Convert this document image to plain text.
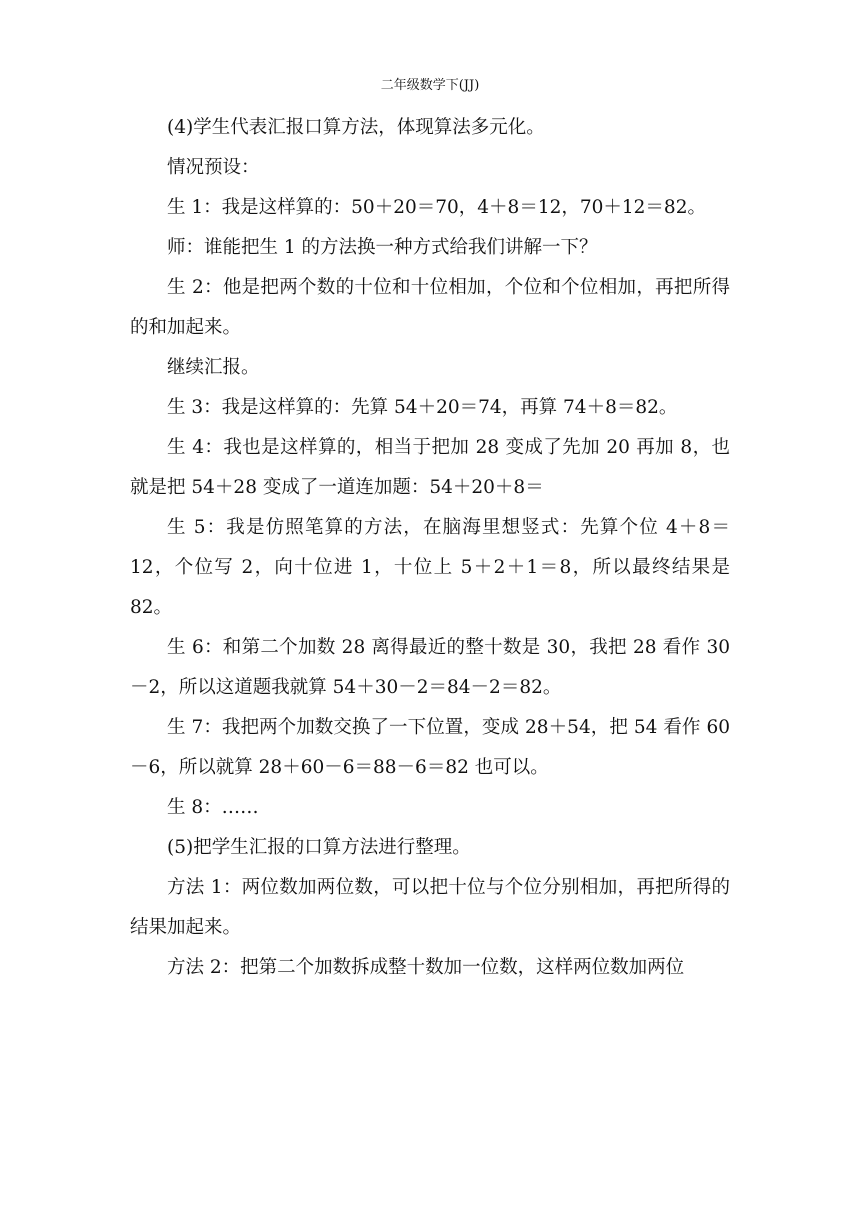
二年级数学下(JJ)

(4)学生代表汇报口算方法，体现算法多元化。

情况预设：

生 1：我是这样算的：50＋20＝70，4＋8＝12，70＋12＝82。

师：谁能把生 1 的方法换一种方式给我们讲解一下？

生 2：他是把两个数的十位和十位相加，个位和个位相加，再把所得的和加起来。

继续汇报。

生 3：我是这样算的：先算 54＋20＝74，再算 74＋8＝82。

生 4：我也是这样算的，相当于把加 28 变成了先加 20 再加 8，也就是把 54＋28 变成了一道连加题：54＋20＋8＝

生 5：我是仿照笔算的方法，在脑海里想竖式：先算个位 4＋8＝12，个位写 2，向十位进 1，十位上 5＋2＋1＝8，所以最终结果是 82。

生 6：和第二个加数 28 离得最近的整十数是 30，我把 28 看作 30－2，所以这道题我就算 54＋30－2＝84－2＝82。

生 7：我把两个加数交换了一下位置，变成 28＋54，把 54 看作 60－6，所以就算 28＋60－6＝88－6＝82 也可以。

生 8：……

(5)把学生汇报的口算方法进行整理。

方法 1：两位数加两位数，可以把十位与个位分别相加，再把所得的结果加起来。

方法 2：把第二个加数拆成整十数加一位数，这样两位数加两位
